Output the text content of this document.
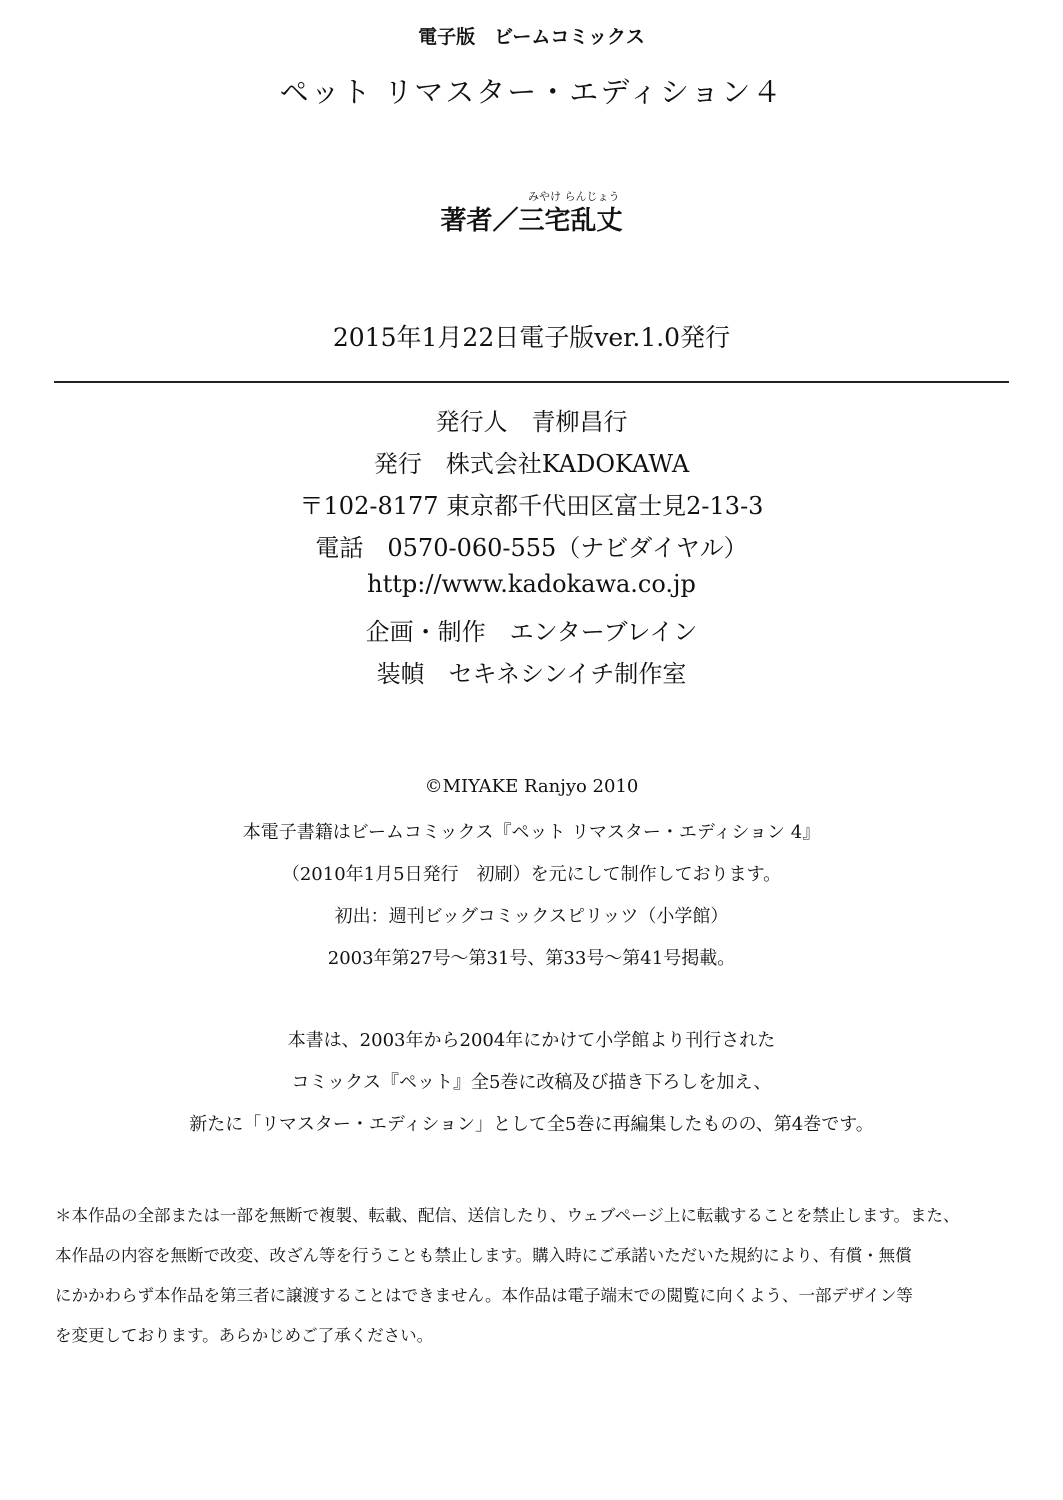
電子版　ビームコミックス
ペット リマスター・エディション４
みやけ らんじょう
著者／三宅乱丈
2015年1月22日電子版ver.1.0発行
発行人　青柳昌行
発行　株式会社KADOKAWA
〒102-8177 東京都千代田区富士見2-13-3
電話　0570-060-555（ナビダイヤル）
http://www.kadokawa.co.jp
企画・制作　エンターブレイン
装幀　セキネシンイチ制作室
©MIYAKE Ranjyo 2010
本電子書籍はビームコミックス『ペット リマスター・エディション 4』
（2010年1月5日発行　初刷）を元にして制作しております。
初出：週刊ビッグコミックスピリッツ（小学館）
2003年第27号〜第31号、第33号〜第41号掲載。
本書は、2003年から2004年にかけて小学館より刊行された
コミックス『ペット』全5巻に改稿及び描き下ろしを加え、
新たに「リマスター・エディション」として全5巻に再編集したものの、第4巻です。
＊本作品の全部または一部を無断で複製、転載、配信、送信したり、ウェブページ上に転載することを禁止します。また、
本作品の内容を無断で改変、改ざん等を行うことも禁止します。購入時にご承諾いただいた規約により、有償・無償
にかかわらず本作品を第三者に譲渡することはできません。本作品は電子端末での閲覧に向くよう、一部デザイン等
を変更しております。あらかじめご了承ください。
